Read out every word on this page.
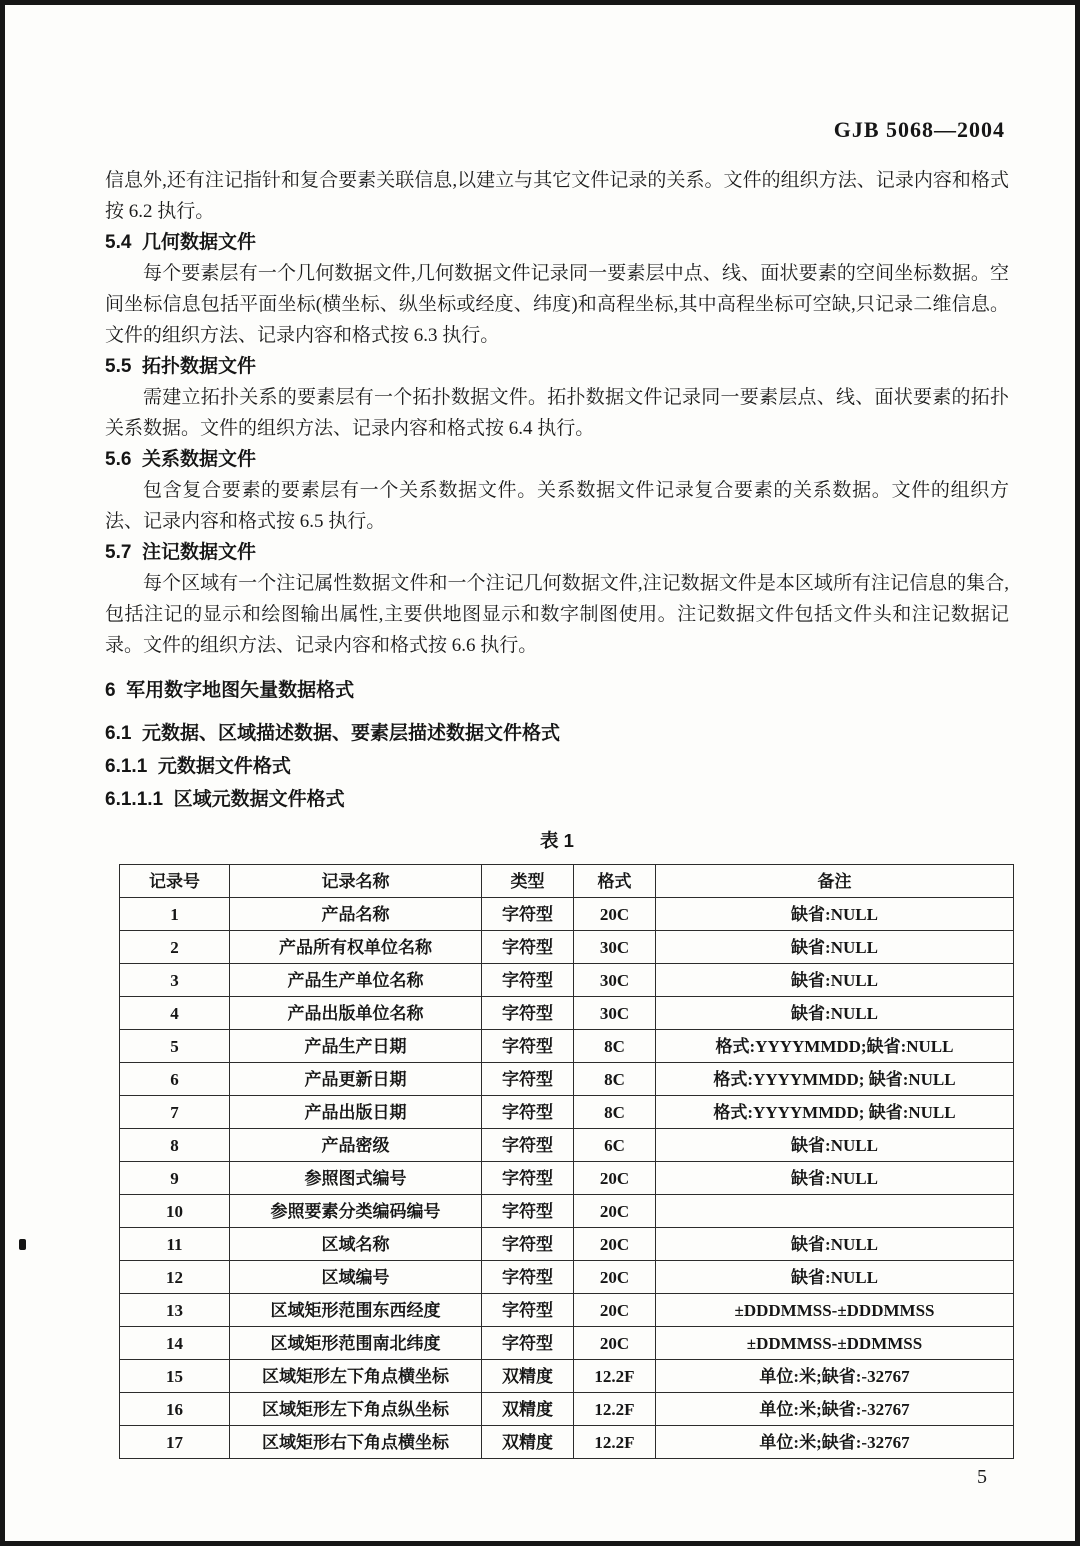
GJB 5068—2004

信息外,还有注记指针和复合要素关联信息,以建立与其它文件记录的关系。文件的组织方法、记录内容和格式按 6.2 执行。

5.4  几何数据文件

每个要素层有一个几何数据文件,几何数据文件记录同一要素层中点、线、面状要素的空间坐标数据。空间坐标信息包括平面坐标(横坐标、纵坐标或经度、纬度)和高程坐标,其中高程坐标可空缺,只记录二维信息。文件的组织方法、记录内容和格式按 6.3 执行。

5.5  拓扑数据文件

需建立拓扑关系的要素层有一个拓扑数据文件。拓扑数据文件记录同一要素层点、线、面状要素的拓扑关系数据。文件的组织方法、记录内容和格式按 6.4 执行。

5.6  关系数据文件

包含复合要素的要素层有一个关系数据文件。关系数据文件记录复合要素的关系数据。文件的组织方法、记录内容和格式按 6.5 执行。

5.7  注记数据文件

每个区域有一个注记属性数据文件和一个注记几何数据文件,注记数据文件是本区域所有注记信息的集合,包括注记的显示和绘图输出属性,主要供地图显示和数字制图使用。注记数据文件包括文件头和注记数据记录。文件的组织方法、记录内容和格式按 6.6 执行。

6  军用数字地图矢量数据格式
6.1  元数据、区域描述数据、要素层描述数据文件格式
6.1.1  元数据文件格式
6.1.1.1  区域元数据文件格式
表 1
记录号	记录名称	类型	格式	备注
1	产品名称	字符型	20C	缺省:NULL
2	产品所有权单位名称	字符型	30C	缺省:NULL
3	产品生产单位名称	字符型	30C	缺省:NULL
4	产品出版单位名称	字符型	30C	缺省:NULL
5	产品生产日期	字符型	8C	格式:YYYYMMDD;缺省:NULL
6	产品更新日期	字符型	8C	格式:YYYYMMDD; 缺省:NULL
7	产品出版日期	字符型	8C	格式:YYYYMMDD; 缺省:NULL
8	产品密级	字符型	6C	缺省:NULL
9	参照图式编号	字符型	20C	缺省:NULL
10	参照要素分类编码编号	字符型	20C	
11	区域名称	字符型	20C	缺省:NULL
12	区域编号	字符型	20C	缺省:NULL
13	区域矩形范围东西经度	字符型	20C	±DDDMMSS-±DDDMMSS
14	区域矩形范围南北纬度	字符型	20C	±DDMMSS-±DDMMSS
15	区域矩形左下角点横坐标	双精度	12.2F	单位:米;缺省:-32767
16	区域矩形左下角点纵坐标	双精度	12.2F	单位:米;缺省:-32767
17	区域矩形右下角点横坐标	双精度	12.2F	单位:米;缺省:-32767
5
